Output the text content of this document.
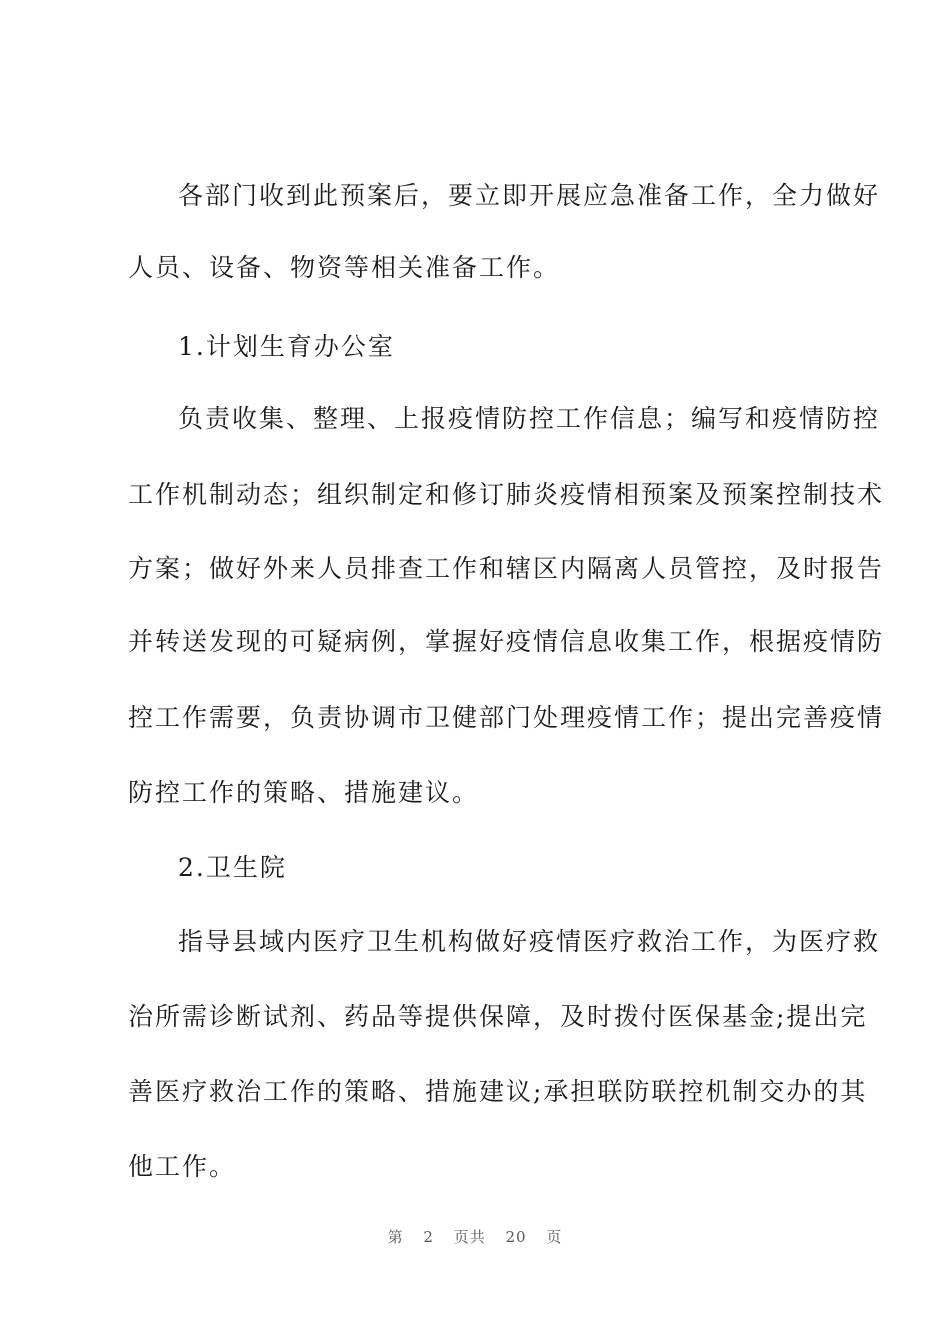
各部门收到此预案后，要立即开展应急准备工作，全力做好
人员、设备、物资等相关准备工作。
1.计划生育办公室
负责收集、整理、上报疫情防控工作信息；编写和疫情防控
工作机制动态；组织制定和修订肺炎疫情相预案及预案控制技术
方案；做好外来人员排查工作和辖区内隔离人员管控，及时报告
并转送发现的可疑病例，掌握好疫情信息收集工作，根据疫情防
控工作需要，负责协调市卫健部门处理疫情工作；提出完善疫情
防控工作的策略、措施建议。
2.卫生院
指导县域内医疗卫生机构做好疫情医疗救治工作，为医疗救
治所需诊断试剂、药品等提供保障，及时拨付医保基金;提出完
善医疗救治工作的策略、措施建议;承担联防联控机制交办的其
他工作。
第 2 页共 20 页
